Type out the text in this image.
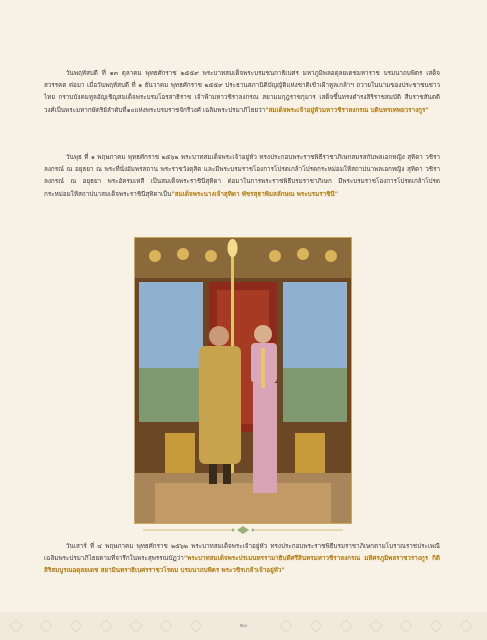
วันพฤหัสบดี ที่ ๑๓ ตุลาคม พุทธศักราช ๒๕๕๙ พระบาทสมเด็จพระบรมชนกาธิเบศร มหาภูมิพลอดุลยเดชมหาราช บรมนาถบพิตร เสด็จสวรรคต ต่อมา เมื่อวันพฤหัสบดี ที่ ๑ ธันวาคม พุทธศักราช ๒๕๕๙ ประธานสภานิติบัญญัติแห่งชาติเข้าเฝ้าทูลเกล้าฯ ถวายในนามของประชาชนชาวไทย กราบบังคมทูลอัญเชิญสมเด็จพระบรมโอรสาธิราช เจ้าฟ้ามหาวชิราลงกรณ สยามมกุฎราชกุมาร เสด็จขึ้นทรงดำรงสิริราชสมบัติ สืบราชสันตติวงศ์เป็นพระมหากษัตริย์ลำดับที่๑๐แห่งพระบรมราชจักรีวงศ์ เฉลิมพระปรมาภิไธยว่า"สมเด็จพระเจ้าอยู่หัวมหาวชิราลงกรณ บดินทรเทพยวรางกูร"

วันพุธ ที่ ๑ พฤษภาคม พุทธศักราช ๒๕๖๒ พระบาทสมเด็จพระเจ้าอยู่หัว ทรงประกอบพระราชพิธีราชาภิเษกสมรสกับพลเอกหญิง สุทิดา วชิราลงกรณ์ ณ อยุธยา ณ พระที่นั่งอัมพรสถาน พระราชวังดุสิต และมีพระบรมราชโองการโปรดเกล้าโปรดกระหม่อมให้สถาปนาพลเอกหญิง สุทิดา วชิราลงกรณ์ ณ อยุธยา พระอัครมเหสี เป็นสมเด็จพระราชินีสุทิดา ต่อมาในการพระราชพิธีบรมราชาภิเษก มีพระบรมราชโองการโปรดเกล้าโปรดกระหม่อมให้สถาปนาสมเด็จพระราชินีสุทิดาเป็น"สมเด็จพระนางเจ้าสุทิดา พัชรสุธาพิมลลักษณ พระบรมราชินี"

วันเสาร์ ที่ ๔ พฤษภาคม พุทธศักราช ๒๕๖๒ พระบาทสมเด็จพระเจ้าอยู่หัว ทรงประกอบพระราชพิธีบรมราชาภิเษกตามโบราณราชประเพณี เฉลิมพระปรมาภิไธยตามที่จารึกในพระสุพรรณบัฏว่า"พระบาทสมเด็จพระปรเมนทรรามาธิบดีศรีสินทรมหาวชิราลงกรณ มหิศรภูมิพลราชวรางกูร กิติสิริสมบูรณอดุลยเดช สยามินทราธิเบศรราชวโรดม บรมนาถบพิตร พระวชิรเกล้าเจ้าอยู่หัว"

๒๐
